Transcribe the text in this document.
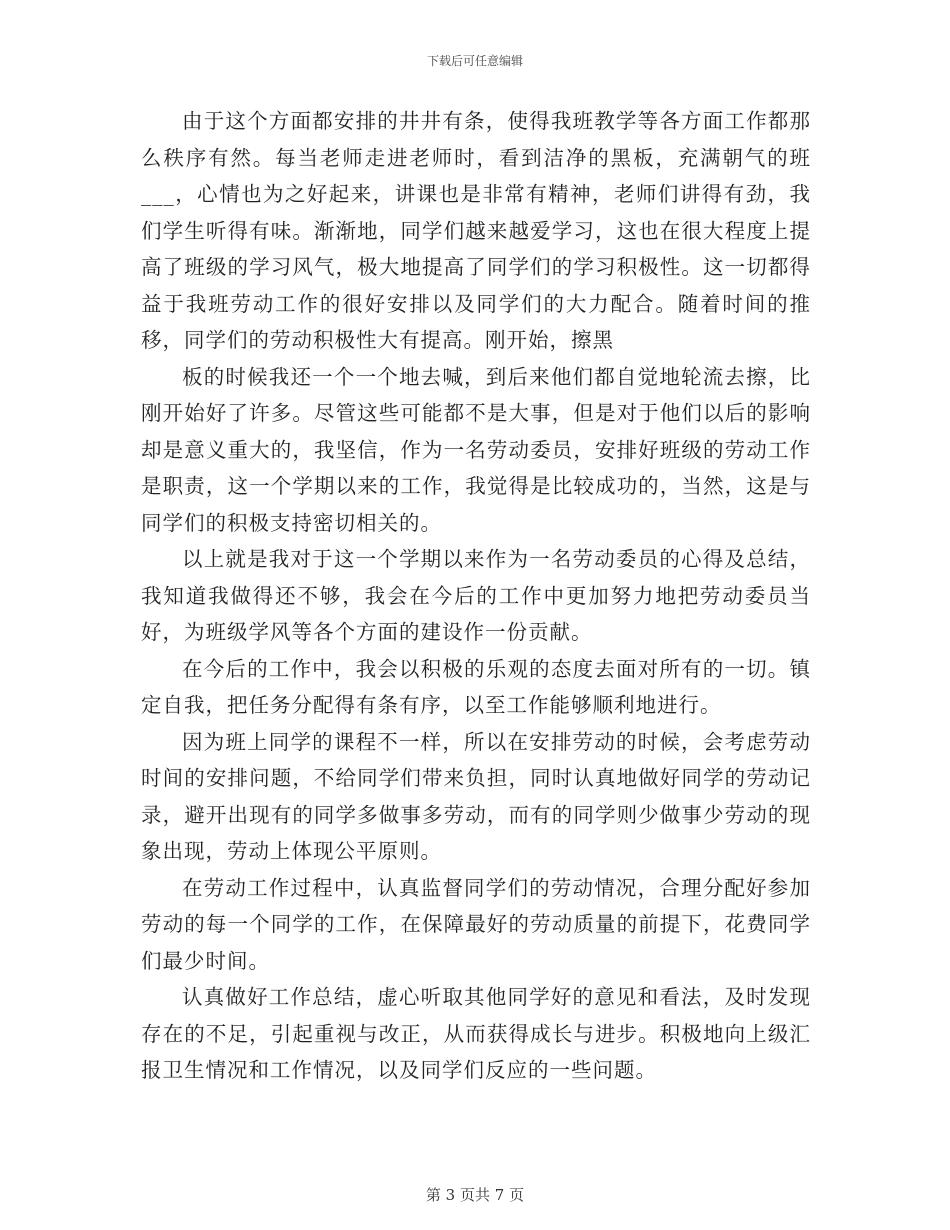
下载后可任意编辑

由于这个方面都安排的井井有条，使得我班教学等各方面工作都那么秩序有然。每当老师走进老师时，看到洁净的黑板，充满朝气的班___，心情也为之好起来，讲课也是非常有精神，老师们讲得有劲，我们学生听得有味。渐渐地，同学们越来越爱学习，这也在很大程度上提高了班级的学习风气，极大地提高了同学们的学习积极性。这一切都得益于我班劳动工作的很好安排以及同学们的大力配合。随着时间的推移，同学们的劳动积极性大有提高。刚开始，擦黑

板的时候我还一个一个地去喊，到后来他们都自觉地轮流去擦，比刚开始好了许多。尽管这些可能都不是大事，但是对于他们以后的影响却是意义重大的，我坚信，作为一名劳动委员，安排好班级的劳动工作是职责，这一个学期以来的工作，我觉得是比较成功的，当然，这是与同学们的积极支持密切相关的。

以上就是我对于这一个学期以来作为一名劳动委员的心得及总结，我知道我做得还不够，我会在今后的工作中更加努力地把劳动委员当好，为班级学风等各个方面的建设作一份贡献。

在今后的工作中，我会以积极的乐观的态度去面对所有的一切。镇定自我，把任务分配得有条有序，以至工作能够顺利地进行。

因为班上同学的课程不一样，所以在安排劳动的时候，会考虑劳动时间的安排问题，不给同学们带来负担，同时认真地做好同学的劳动记录，避开出现有的同学多做事多劳动，而有的同学则少做事少劳动的现象出现，劳动上体现公平原则。

在劳动工作过程中，认真监督同学们的劳动情况，合理分配好参加劳动的每一个同学的工作，在保障最好的劳动质量的前提下，花费同学们最少时间。

认真做好工作总结，虚心听取其他同学好的意见和看法，及时发现存在的不足，引起重视与改正，从而获得成长与进步。积极地向上级汇报卫生情况和工作情况，以及同学们反应的一些问题。

第 3 页共 7 页
